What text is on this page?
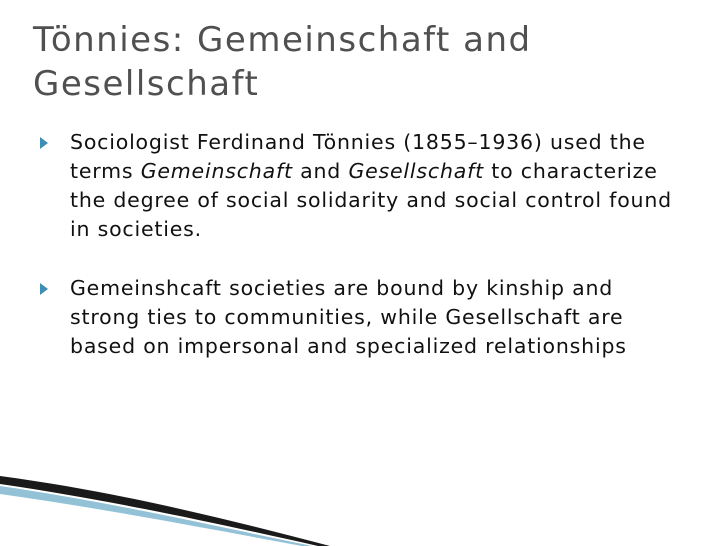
Tönnies: Gemeinschaft and Gesellschaft
Sociologist Ferdinand Tönnies (1855–1936) used the terms Gemeinschaft and Gesellschaft to characterize the degree of social solidarity and social control found in societies.
Gemeinshcaft societies are bound by kinship and strong ties to communities, while Gesellschaft are based on impersonal and specialized relationships
